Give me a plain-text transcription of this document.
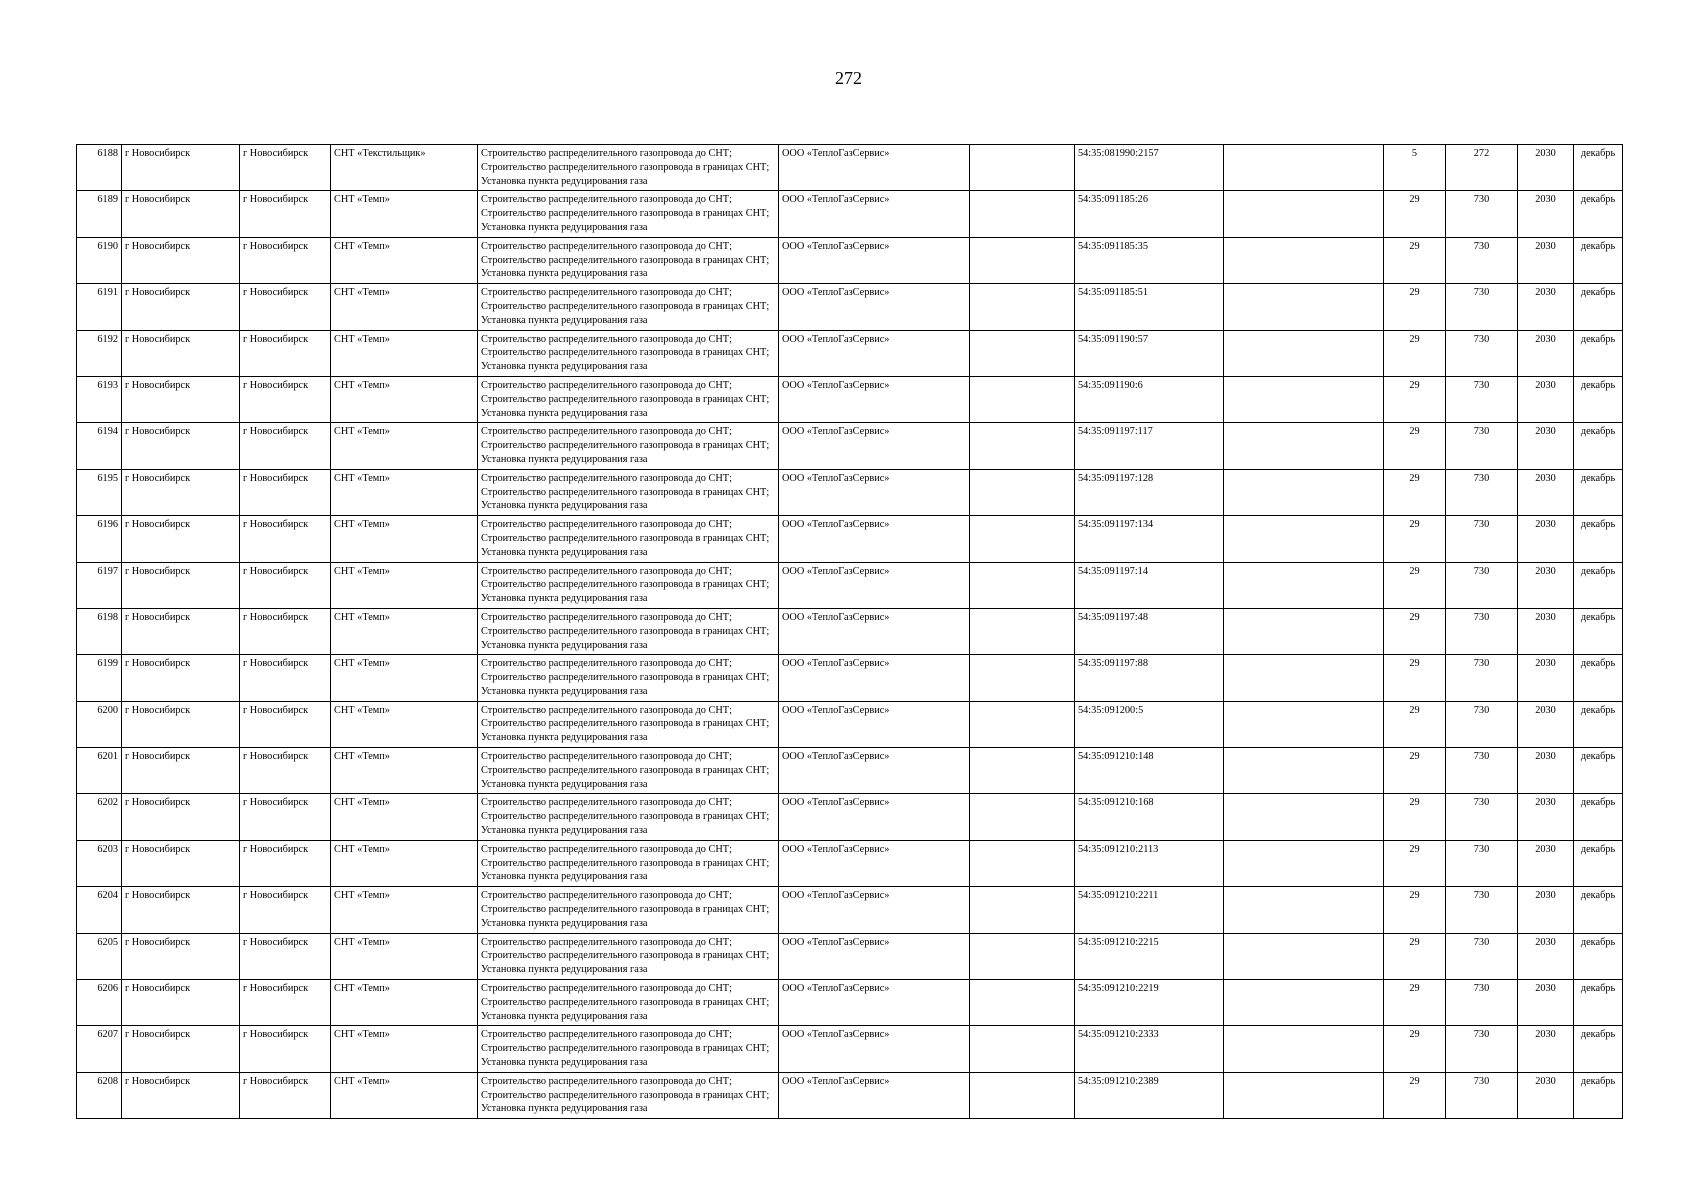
272
6188	г Новосибирск	г Новосибирск	СНТ «Текстильщик»	Строительство распределительного газопровода до СНТ; Строительство распределительного газопровода в границах СНТ; Установка пункта редуцирования газа	ООО «ТеплоГазСервис»		54:35:081990:2157		5	272	2030	декабрь
6189	г Новосибирск	г Новосибирск	СНТ «Темп»	Строительство распределительного газопровода до СНТ; Строительство распределительного газопровода в границах СНТ; Установка пункта редуцирования газа	ООО «ТеплоГазСервис»		54:35:091185:26		29	730	2030	декабрь
6190	г Новосибирск	г Новосибирск	СНТ «Темп»	Строительство распределительного газопровода до СНТ; Строительство распределительного газопровода в границах СНТ; Установка пункта редуцирования газа	ООО «ТеплоГазСервис»		54:35:091185:35		29	730	2030	декабрь
6191	г Новосибирск	г Новосибирск	СНТ «Темп»	Строительство распределительного газопровода до СНТ; Строительство распределительного газопровода в границах СНТ; Установка пункта редуцирования газа	ООО «ТеплоГазСервис»		54:35:091185:51		29	730	2030	декабрь
6192	г Новосибирск	г Новосибирск	СНТ «Темп»	Строительство распределительного газопровода до СНТ; Строительство распределительного газопровода в границах СНТ; Установка пункта редуцирования газа	ООО «ТеплоГазСервис»		54:35:091190:57		29	730	2030	декабрь
6193	г Новосибирск	г Новосибирск	СНТ «Темп»	Строительство распределительного газопровода до СНТ; Строительство распределительного газопровода в границах СНТ; Установка пункта редуцирования газа	ООО «ТеплоГазСервис»		54:35:091190:6		29	730	2030	декабрь
6194	г Новосибирск	г Новосибирск	СНТ «Темп»	Строительство распределительного газопровода до СНТ; Строительство распределительного газопровода в границах СНТ; Установка пункта редуцирования газа	ООО «ТеплоГазСервис»		54:35:091197:117		29	730	2030	декабрь
6195	г Новосибирск	г Новосибирск	СНТ «Темп»	Строительство распределительного газопровода до СНТ; Строительство распределительного газопровода в границах СНТ; Установка пункта редуцирования газа	ООО «ТеплоГазСервис»		54:35:091197:128		29	730	2030	декабрь
6196	г Новосибирск	г Новосибирск	СНТ «Темп»	Строительство распределительного газопровода до СНТ; Строительство распределительного газопровода в границах СНТ; Установка пункта редуцирования газа	ООО «ТеплоГазСервис»		54:35:091197:134		29	730	2030	декабрь
6197	г Новосибирск	г Новосибирск	СНТ «Темп»	Строительство распределительного газопровода до СНТ; Строительство распределительного газопровода в границах СНТ; Установка пункта редуцирования газа	ООО «ТеплоГазСервис»		54:35:091197:14		29	730	2030	декабрь
6198	г Новосибирск	г Новосибирск	СНТ «Темп»	Строительство распределительного газопровода до СНТ; Строительство распределительного газопровода в границах СНТ; Установка пункта редуцирования газа	ООО «ТеплоГазСервис»		54:35:091197:48		29	730	2030	декабрь
6199	г Новосибирск	г Новосибирск	СНТ «Темп»	Строительство распределительного газопровода до СНТ; Строительство распределительного газопровода в границах СНТ; Установка пункта редуцирования газа	ООО «ТеплоГазСервис»		54:35:091197:88		29	730	2030	декабрь
6200	г Новосибирск	г Новосибирск	СНТ «Темп»	Строительство распределительного газопровода до СНТ; Строительство распределительного газопровода в границах СНТ; Установка пункта редуцирования газа	ООО «ТеплоГазСервис»		54:35:091200:5		29	730	2030	декабрь
6201	г Новосибирск	г Новосибирск	СНТ «Темп»	Строительство распределительного газопровода до СНТ; Строительство распределительного газопровода в границах СНТ; Установка пункта редуцирования газа	ООО «ТеплоГазСервис»		54:35:091210:148		29	730	2030	декабрь
6202	г Новосибирск	г Новосибирск	СНТ «Темп»	Строительство распределительного газопровода до СНТ; Строительство распределительного газопровода в границах СНТ; Установка пункта редуцирования газа	ООО «ТеплоГазСервис»		54:35:091210:168		29	730	2030	декабрь
6203	г Новосибирск	г Новосибирск	СНТ «Темп»	Строительство распределительного газопровода до СНТ; Строительство распределительного газопровода в границах СНТ; Установка пункта редуцирования газа	ООО «ТеплоГазСервис»		54:35:091210:2113		29	730	2030	декабрь
6204	г Новосибирск	г Новосибирск	СНТ «Темп»	Строительство распределительного газопровода до СНТ; Строительство распределительного газопровода в границах СНТ; Установка пункта редуцирования газа	ООО «ТеплоГазСервис»		54:35:091210:2211		29	730	2030	декабрь
6205	г Новосибирск	г Новосибирск	СНТ «Темп»	Строительство распределительного газопровода до СНТ; Строительство распределительного газопровода в границах СНТ; Установка пункта редуцирования газа	ООО «ТеплоГазСервис»		54:35:091210:2215		29	730	2030	декабрь
6206	г Новосибирск	г Новосибирск	СНТ «Темп»	Строительство распределительного газопровода до СНТ; Строительство распределительного газопровода в границах СНТ; Установка пункта редуцирования газа	ООО «ТеплоГазСервис»		54:35:091210:2219		29	730	2030	декабрь
6207	г Новосибирск	г Новосибирск	СНТ «Темп»	Строительство распределительного газопровода до СНТ; Строительство распределительного газопровода в границах СНТ; Установка пункта редуцирования газа	ООО «ТеплоГазСервис»		54:35:091210:2333		29	730	2030	декабрь
6208	г Новосибирск	г Новосибирск	СНТ «Темп»	Строительство распределительного газопровода до СНТ; Строительство распределительного газопровода в границах СНТ; Установка пункта редуцирования газа	ООО «ТеплоГазСервис»		54:35:091210:2389		29	730	2030	декабрь
